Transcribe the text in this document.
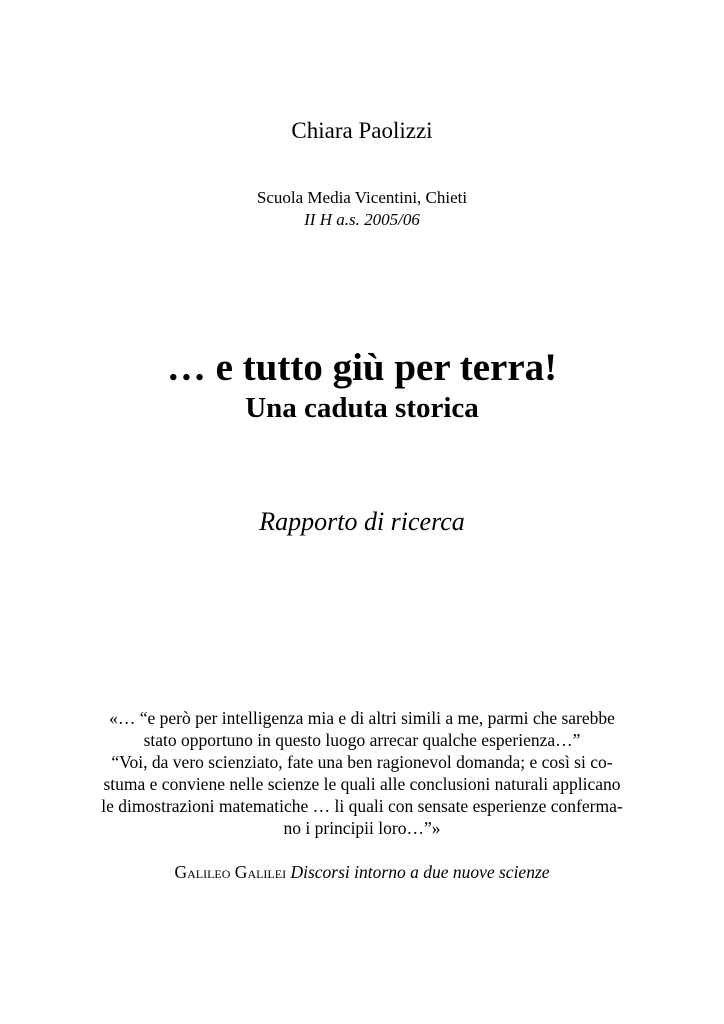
Chiara Paolizzi
Scuola Media Vicentini, Chieti
II H a.s. 2005/06
… e tutto giù per terra!
Una caduta storica
Rapporto di ricerca

«… “e però per intelligenza mia e di altri simili a me, parmi che sarebbe

stato opportuno in questo luogo arrecar qualche esperienza…”

“Voi, da vero scienziato, fate una ben ragionevol domanda; e così si co-

stuma e conviene nelle scienze le quali alle conclusioni naturali applicano

le dimostrazioni matematiche … li quali con sensate esperienze conferma-

no i principii loro…”»

Galileo Galilei Discorsi intorno a due nuove scienze
